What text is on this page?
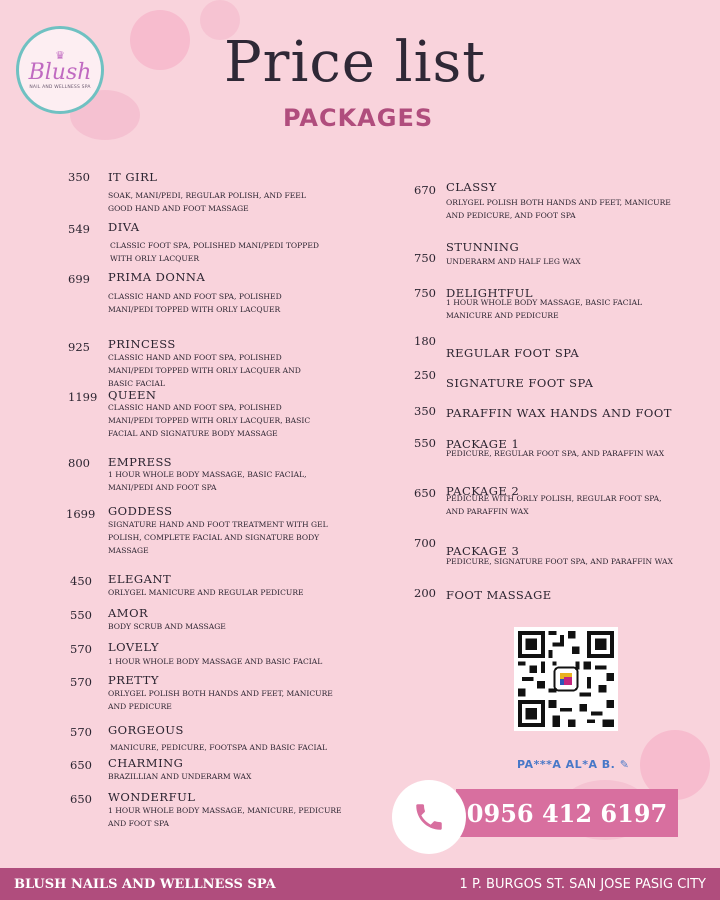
♛
Blush
NAIL AND WELLNESS SPA Price list
PACKAGES
350 IT GIRL
SOAK, MANI/PEDI, REGULAR POLISH, AND FEEL GOOD HAND AND FOOT MASSAGE
549 DIVA
CLASSIC FOOT SPA, POLISHED MANI/PEDI TOPPED WITH ORLY LACQUER
699 PRIMA DONNA
CLASSIC HAND AND FOOT SPA, POLISHED MANI/PEDI TOPPED WITH ORLY LACQUER
925 PRINCESS
CLASSIC HAND AND FOOT SPA, POLISHED MANI/PEDI TOPPED WITH ORLY LACQUER AND BASIC FACIAL
1199 QUEEN
CLASSIC HAND AND FOOT SPA, POLISHED MANI/PEDI TOPPED WITH ORLY LACQUER, BASIC FACIAL AND SIGNATURE BODY MASSAGE
800 EMPRESS
1 HOUR WHOLE BODY MASSAGE, BASIC FACIAL, MANI/PEDI AND FOOT SPA
1699 GODDESS
SIGNATURE HAND AND FOOT TREATMENT WITH GEL POLISH, COMPLETE FACIAL AND SIGNATURE BODY MASSAGE
450 ELEGANT
ORLYGEL MANICURE AND REGULAR PEDICURE
550 AMOR
BODY SCRUB AND MASSAGE
570 LOVELY
1 HOUR WHOLE BODY MASSAGE AND BASIC FACIAL
570 PRETTY
ORLYGEL POLISH BOTH HANDS AND FEET, MANICURE AND PEDICURE
570 GORGEOUS
MANICURE, PEDICURE, FOOTSPA AND BASIC FACIAL
650 CHARMING
BRAZILLIAN AND UNDERARM WAX
650 WONDERFUL
1 HOUR WHOLE BODY MASSAGE, MANICURE, PEDICURE AND FOOT SPA
670 CLASSY
ORLYGEL POLISH BOTH HANDS AND FEET, MANICURE AND PEDICURE, AND FOOT SPA
750
STUNNING
UNDERARM AND HALF LEG WAX
750 DELIGHTFUL
1 HOUR WHOLE BODY MASSAGE, BASIC FACIAL MANICURE AND PEDICURE
180
REGULAR FOOT SPA
250
SIGNATURE FOOT SPA
350 PARAFFIN WAX HANDS AND FOOT
550 PACKAGE 1
PEDICURE, REGULAR FOOT SPA, AND PARAFFIN WAX
650 PACKAGE 2
PEDICURE WITH ORLY POLISH, REGULAR FOOT SPA, AND PARAFFIN WAX
700
PACKAGE 3
PEDICURE, SIGNATURE FOOT SPA, AND PARAFFIN WAX
200 FOOT MASSAGE
PA***A AL*A B. ✎
0956 412 6197
BLUSH NAILS AND WELLNESS SPA	1 P. BURGOS ST. SAN JOSE PASIG CITY
